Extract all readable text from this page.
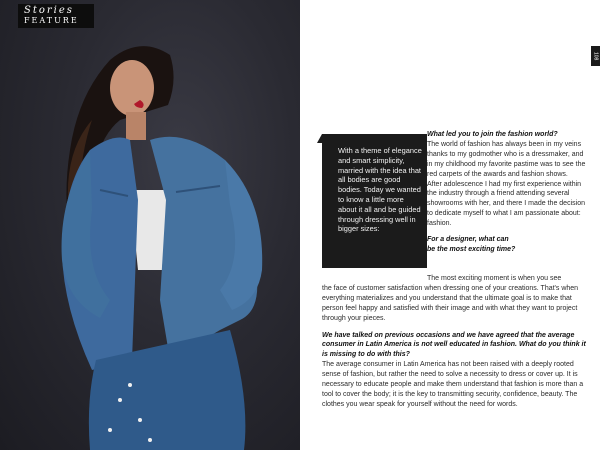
Stories
FEATURE
108

With a theme of elegance and smart simplicity, married with the idea that all bodies are good bodies. Today we wanted to know a little more about it all and be guided through dressing well in bigger sizes:

What led you to join the fashion world?

The world of fashion has always been in my veins thanks to my godmother who is a dressmaker, and in my childhood my favorite pastime was to see the red carpets of the awards and fashion shows.

After adolescence I had my first experience within the industry through a friend attending several showrooms with her, and there I made the decision to dedicate myself to what I am passionate about: fashion.

For a designer, what can

be the most exciting time?

The most exciting moment is when you see

the face of customer satisfaction when dressing one of your creations. That's when everything materializes and you understand that the ultimate goal is to make that person feel happy and satisfied with their image and with what they want to project through your pieces.

We have talked on previous occasions and we have agreed that the average consumer in Latin America is not well educated in fashion. What do you think it is missing to do with this?

The average consumer in Latin America has not been raised with a deeply rooted sense of fashion, but rather the need to solve a necessity to dress or cover up. It is necessary to educate people and make them understand that fashion is more than a tool to cover the body; it is the key to transmitting security, confidence, beauty. The clothes you wear speak for yourself without the need for words.
